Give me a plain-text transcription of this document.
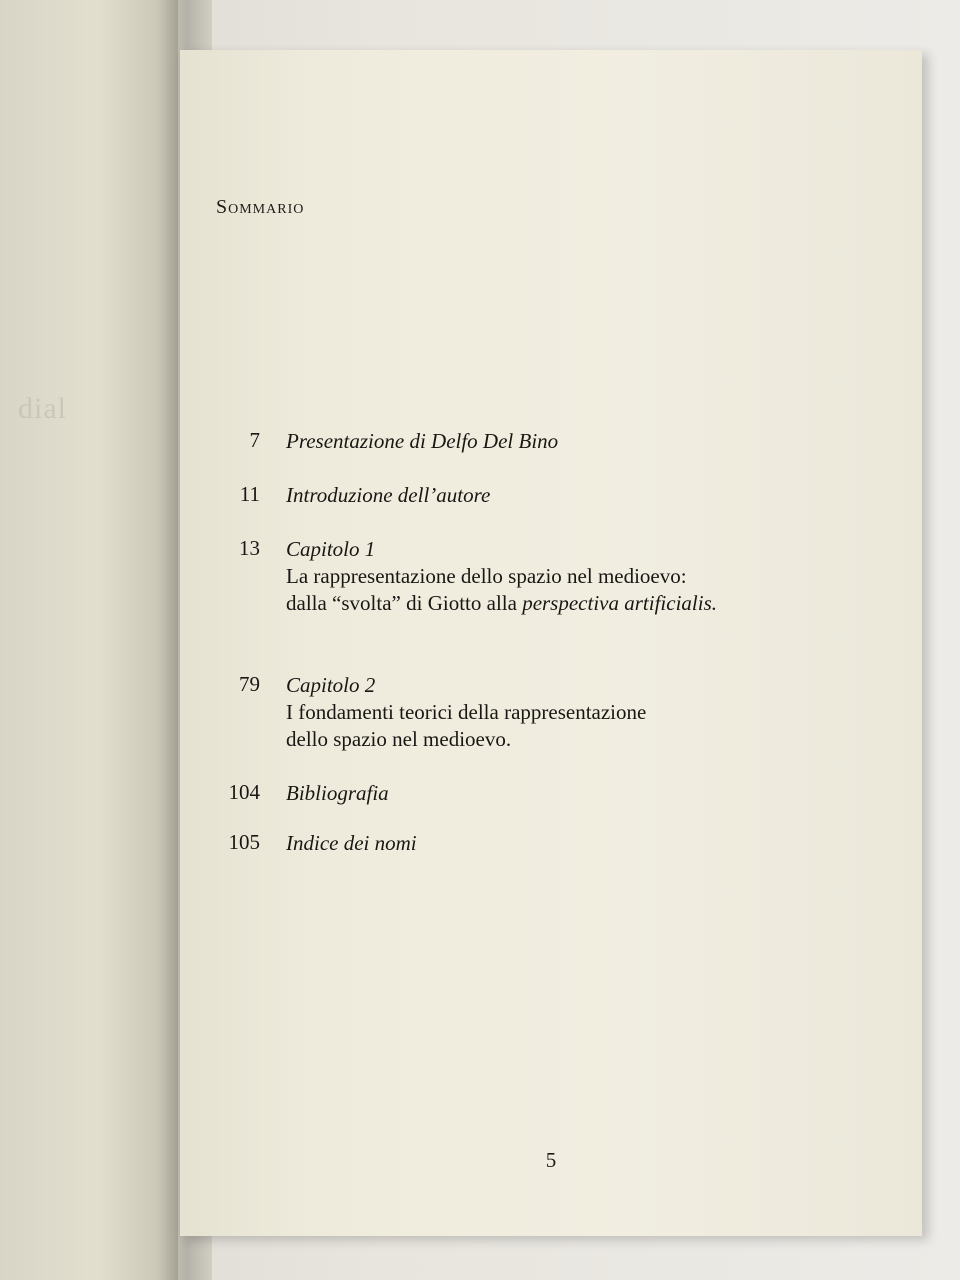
dial
Sommario
7 Presentazione di Delfo Del Bino
11 Introduzione dell’autore
13 Capitolo 1
La rappresentazione dello spazio nel medioevo:
dalla “svolta” di Giotto alla perspectiva artificialis.
79 Capitolo 2
I fondamenti teorici della rappresentazione
dello spazio nel medioevo.
104 Bibliografia
105 Indice dei nomi
5
